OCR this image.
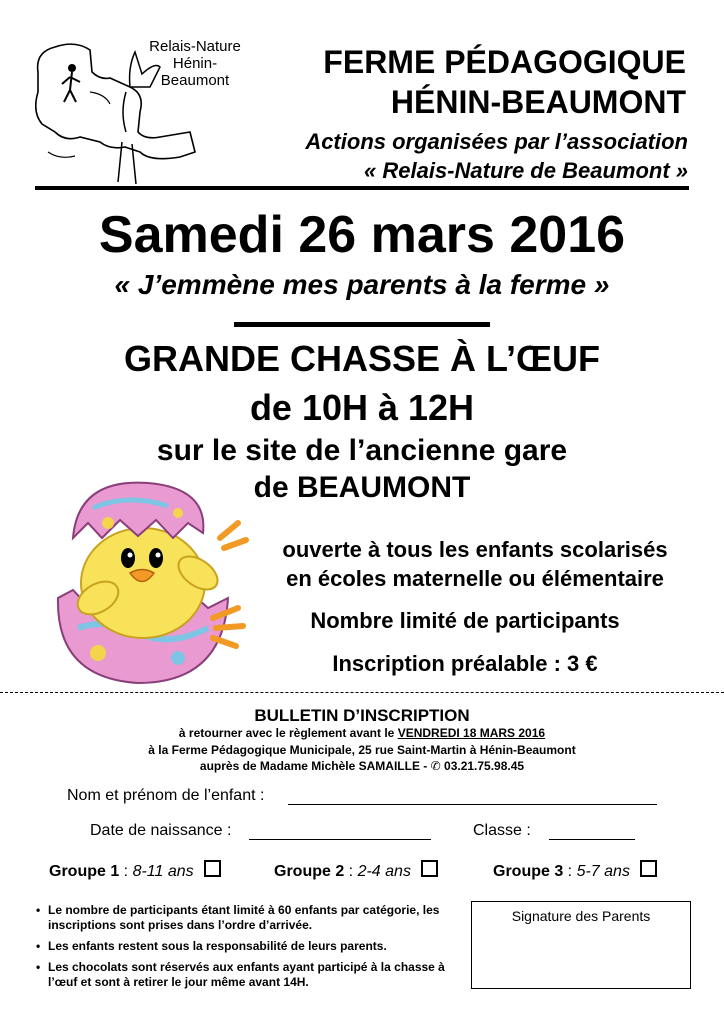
Relais-Nature
Hénin-Beaumont
FERME PÉDAGOGIQUE
HÉNIN-BEAUMONT
Actions organisées par l’association
« Relais-Nature de Beaumont »
Samedi 26 mars 2016
« J’emmène mes parents à la ferme »
GRANDE CHASSE À L’ŒUF
de 10H à 12H
sur le site de l’ancienne gare
de BEAUMONT
ouverte à tous les enfants scolarisés
en écoles maternelle ou élémentaire
Nombre limité de participants
Inscription préalable : 3 €
BULLETIN D’INSCRIPTION
à retourner avec le règlement avant le VENDREDI 18 MARS 2016
à la Ferme Pédagogique Municipale, 25 rue Saint-Martin à Hénin-Beaumont
auprès de Madame Michèle SAMAILLE - ✆ 03.21.75.98.45
Nom et prénom de l’enfant :
Date de naissance :	Classe :
Groupe 1 : 8-11 ans	Groupe 2 : 2-4 ans	Groupe 3 : 5-7 ans
• Le nombre de participants étant limité à 60 enfants par catégorie, les inscriptions sont prises dans l’ordre d’arrivée.
• Les enfants restent sous la responsabilité de leurs parents.
• Les chocolats sont réservés aux enfants ayant participé à la chasse à l’œuf et sont à retirer le jour même avant 14H.
Signature des Parents
